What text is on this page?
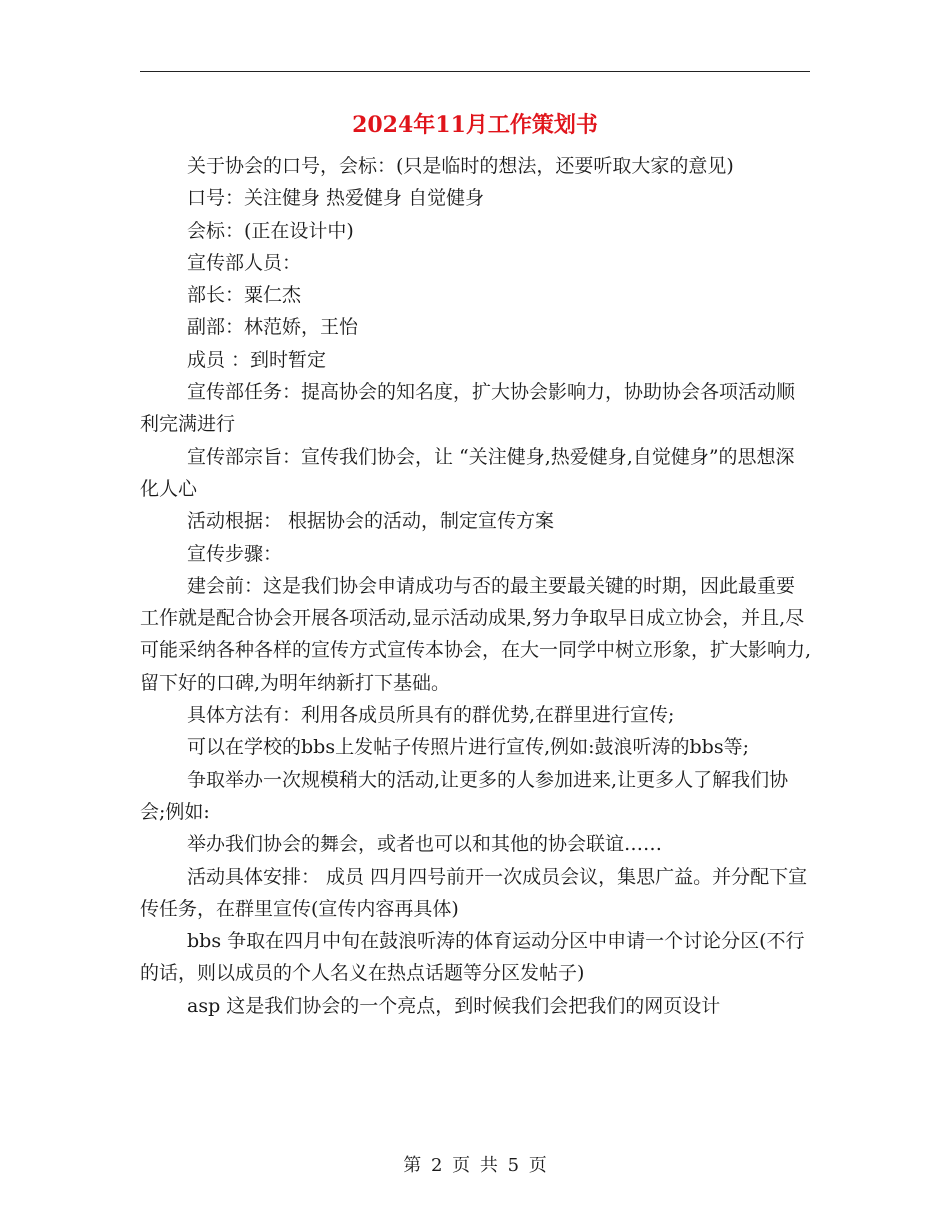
2024年11月工作策划书

关于协会的口号，会标：(只是临时的想法，还要听取大家的意见)

口号：关注健身 热爱健身 自觉健身

会标：(正在设计中)

宣传部人员：

部长：粟仁杰

副部：林范娇，王怡

成员 ：到时暂定

宣传部任务：提高协会的知名度，扩大协会影响力，协助协会各项活动顺利完满进行

宣传部宗旨：宣传我们协会，让 “关注健身,热爱健身,自觉健身”的思想深化人心

活动根据： 根据协会的活动，制定宣传方案

宣传步骤：

建会前：这是我们协会申请成功与否的最主要最关键的时期，因此最重要工作就是配合协会开展各项活动,显示活动成果,努力争取早日成立协会，并且,尽可能采纳各种各样的宣传方式宣传本协会，在大一同学中树立形象，扩大影响力,留下好的口碑,为明年纳新打下基础。

具体方法有：利用各成员所具有的群优势,在群里进行宣传;

可以在学校的bbs上发帖子传照片进行宣传,例如:鼓浪听涛的bbs等;

争取举办一次规模稍大的活动,让更多的人参加进来,让更多人了解我们协会;例如:

举办我们协会的舞会，或者也可以和其他的协会联谊……

活动具体安排： 成员 四月四号前开一次成员会议，集思广益。并分配下宣传任务，在群里宣传(宣传内容再具体)

bbs 争取在四月中旬在鼓浪听涛的体育运动分区中申请一个讨论分区(不行的话，则以成员的个人名义在热点话题等分区发帖子)

asp 这是我们协会的一个亮点，到时候我们会把我们的网页设计

第 2 页 共 5 页
